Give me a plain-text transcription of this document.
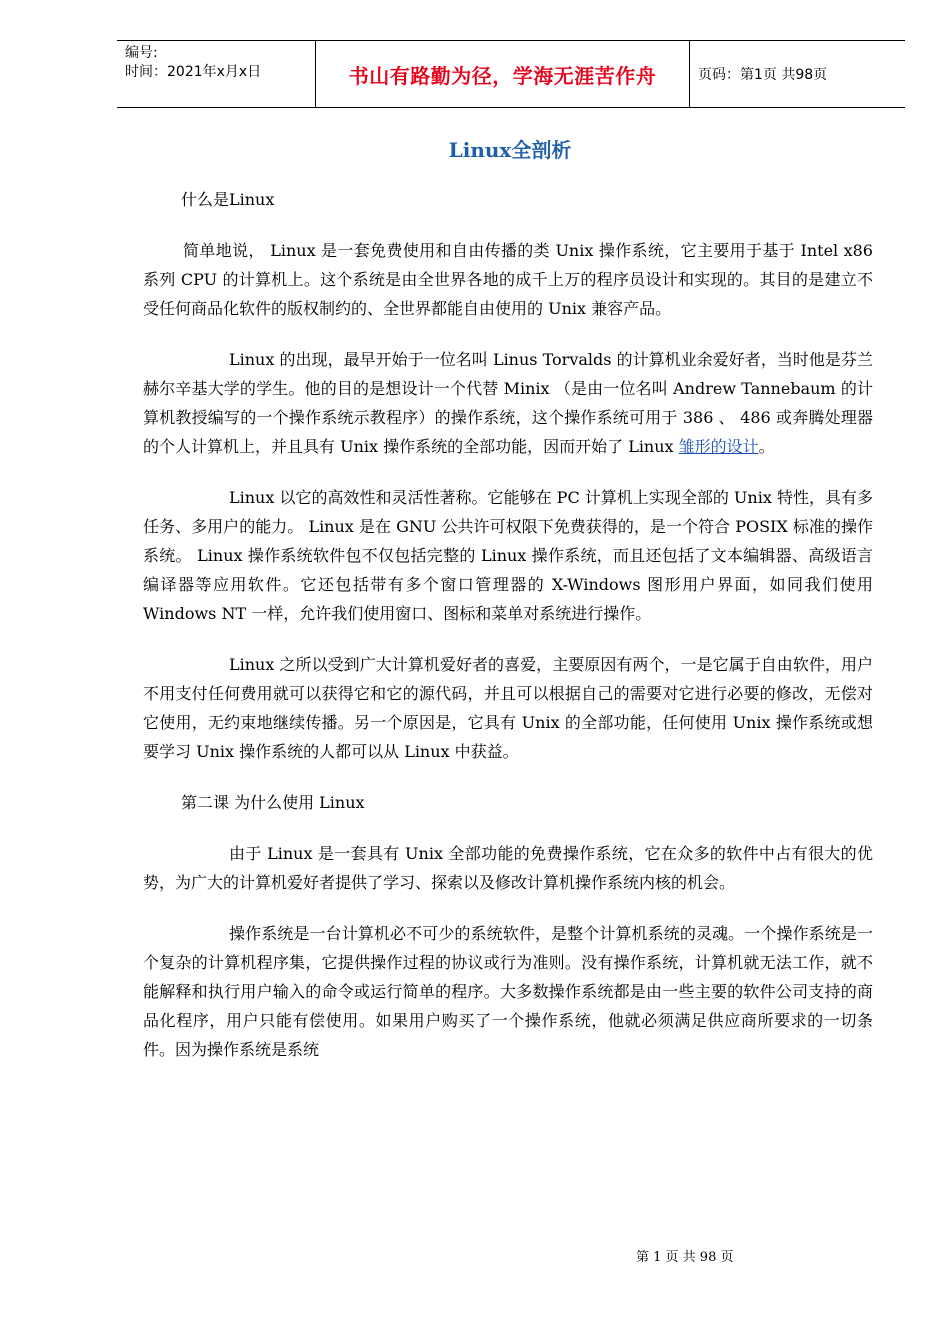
编号:
时间：2021年x月x日	书山有路勤为径，学海无涯苦作舟	页码：第1页 共98页
Linux全剖析
什么是Linux

简单地说， Linux 是一套免费使用和自由传播的类 Unix 操作系统，它主要用于基于 Intel x86 系列 CPU 的计算机上。这个系统是由全世界各地的成千上万的程序员设计和实现的。其目的是建立不受任何商品化软件的版权制约的、全世界都能自由使用的 Unix 兼容产品。

Linux 的出现，最早开始于一位名叫 Linus Torvalds 的计算机业余爱好者，当时他是芬兰赫尔辛基大学的学生。他的目的是想设计一个代替 Minix （是由一位名叫 Andrew Tannebaum 的计算机教授编写的一个操作系统示教程序）的操作系统，这个操作系统可用于 386 、 486 或奔腾处理器的个人计算机上，并且具有 Unix 操作系统的全部功能，因而开始了 Linux 雏形的设计。

Linux 以它的高效性和灵活性著称。它能够在 PC 计算机上实现全部的 Unix 特性，具有多任务、多用户的能力。 Linux 是在 GNU 公共许可权限下免费获得的，是一个符合 POSIX 标准的操作系统。 Linux 操作系统软件包不仅包括完整的 Linux 操作系统，而且还包括了文本编辑器、高级语言编译器等应用软件。它还包括带有多个窗口管理器的 X-Windows 图形用户界面，如同我们使用 Windows NT 一样，允许我们使用窗口、图标和菜单对系统进行操作。

Linux 之所以受到广大计算机爱好者的喜爱，主要原因有两个，一是它属于自由软件，用户不用支付任何费用就可以获得它和它的源代码，并且可以根据自己的需要对它进行必要的修改，无偿对它使用，无约束地继续传播。另一个原因是，它具有 Unix 的全部功能，任何使用 Unix 操作系统或想要学习 Unix 操作系统的人都可以从 Linux 中获益。

第二课 为什么使用 Linux

由于 Linux 是一套具有 Unix 全部功能的免费操作系统，它在众多的软件中占有很大的优势，为广大的计算机爱好者提供了学习、探索以及修改计算机操作系统内核的机会。

操作系统是一台计算机必不可少的系统软件，是整个计算机系统的灵魂。一个操作系统是一个复杂的计算机程序集，它提供操作过程的协议或行为准则。没有操作系统，计算机就无法工作，就不能解释和执行用户输入的命令或运行简单的程序。大多数操作系统都是由一些主要的软件公司支持的商品化程序，用户只能有偿使用。如果用户购买了一个操作系统，他就必须满足供应商所要求的一切条件。因为操作系统是系统

第 1 页 共 98 页
